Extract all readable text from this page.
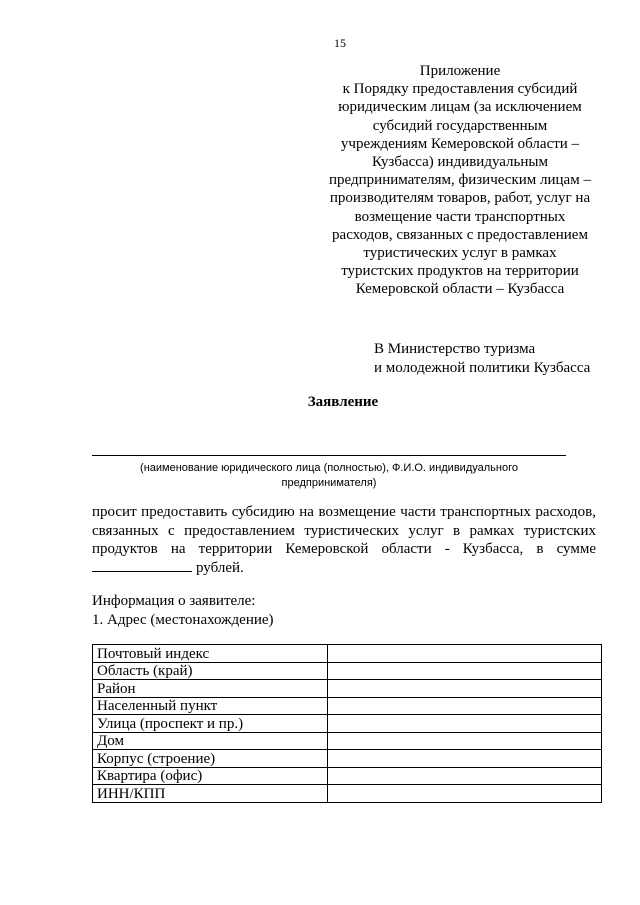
15
Приложение
к Порядку предоставления субсидий
юридическим лицам (за исключением
субсидий государственным
учреждениям Кемеровской области –
Кузбасса) индивидуальным
предпринимателям, физическим лицам –
производителям товаров, работ, услуг на
возмещение части транспортных
расходов, связанных с предоставлением
туристических услуг в рамках
туристских продуктов на территории
Кемеровской области – Кузбасса
В Министерство туризма
и молодежной политики Кузбасса
Заявление
(наименование юридического лица (полностью), Ф.И.О. индивидуального
предпринимателя)
просит предоставить субсидию на возмещение части транспортных расходов,
связанных с предоставлением туристических услуг в рамках туристских
продуктов на территории Кемеровской области - Кузбасса, в сумме
рублей.
Информация о заявителе:
1. Адрес (местонахождение)
Почтовый индекс	
Область (край)	
Район	
Населенный пункт	
Улица (проспект и пр.)	
Дом	
Корпус (строение)	
Квартира (офис)	
ИНН/КПП	
